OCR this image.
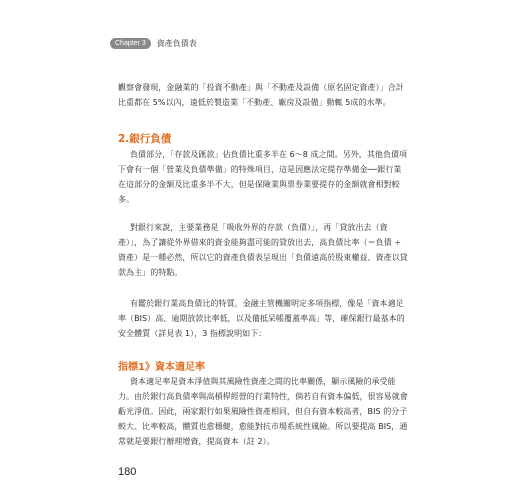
Chapter 3	資產負債表
觀察會發現，金融業的「投資不動產」與「不動產及設備（原名固定資產）」合計比重都在 5%以內，遠低於製造業「不動產、廠房及設備」動輒 5成的水準。
2.銀行負債
負債部分，「存款及匯款」佔負債比重多半在 6～8 成之間。另外，其他負債項下會有一個「營業及負債準備」的特殊項目，這是因應法定提存準備金──銀行業在這部分的金額及比重多半不大，但是保險業與票券業要提存的金額就會相對較多。
對銀行來說，主要業務是「吸收外界的存款（負債）」，再「貸放出去（資產）」，為了讓從外界借來的資金能夠盡可能的貸放出去，高負債比率（＝負債 ÷ 資產）是一種必然，所以它的資產負債表呈現出「負債遠高於股東權益、資產以貸款為主」的特點。
有鑑於銀行業高負債比的特質，金融主管機關明定多項指標，像是「資本適足率（BIS）高、逾期放款比率低，以及備抵呆帳覆蓋率高」等，確保銀行最基本的安全體質（詳見表 1），3 指標說明如下：
指標1》資本適足率
資本適足率是資本淨值與其風險性資產之間的比率關係，顯示風險的承受能力。由於銀行高負債率與高槓桿經營的行業特性，倘若自有資本偏低，很容易就會虧光淨值。因此，兩家銀行如果風險性資產相同，但自有資本較高者，BIS 的分子較大、比率較高，體質也愈穩健，愈能對抗市場系統性風險。所以要提高 BIS，通常就是要銀行辦理增資，提高資本（註 2）。
180
